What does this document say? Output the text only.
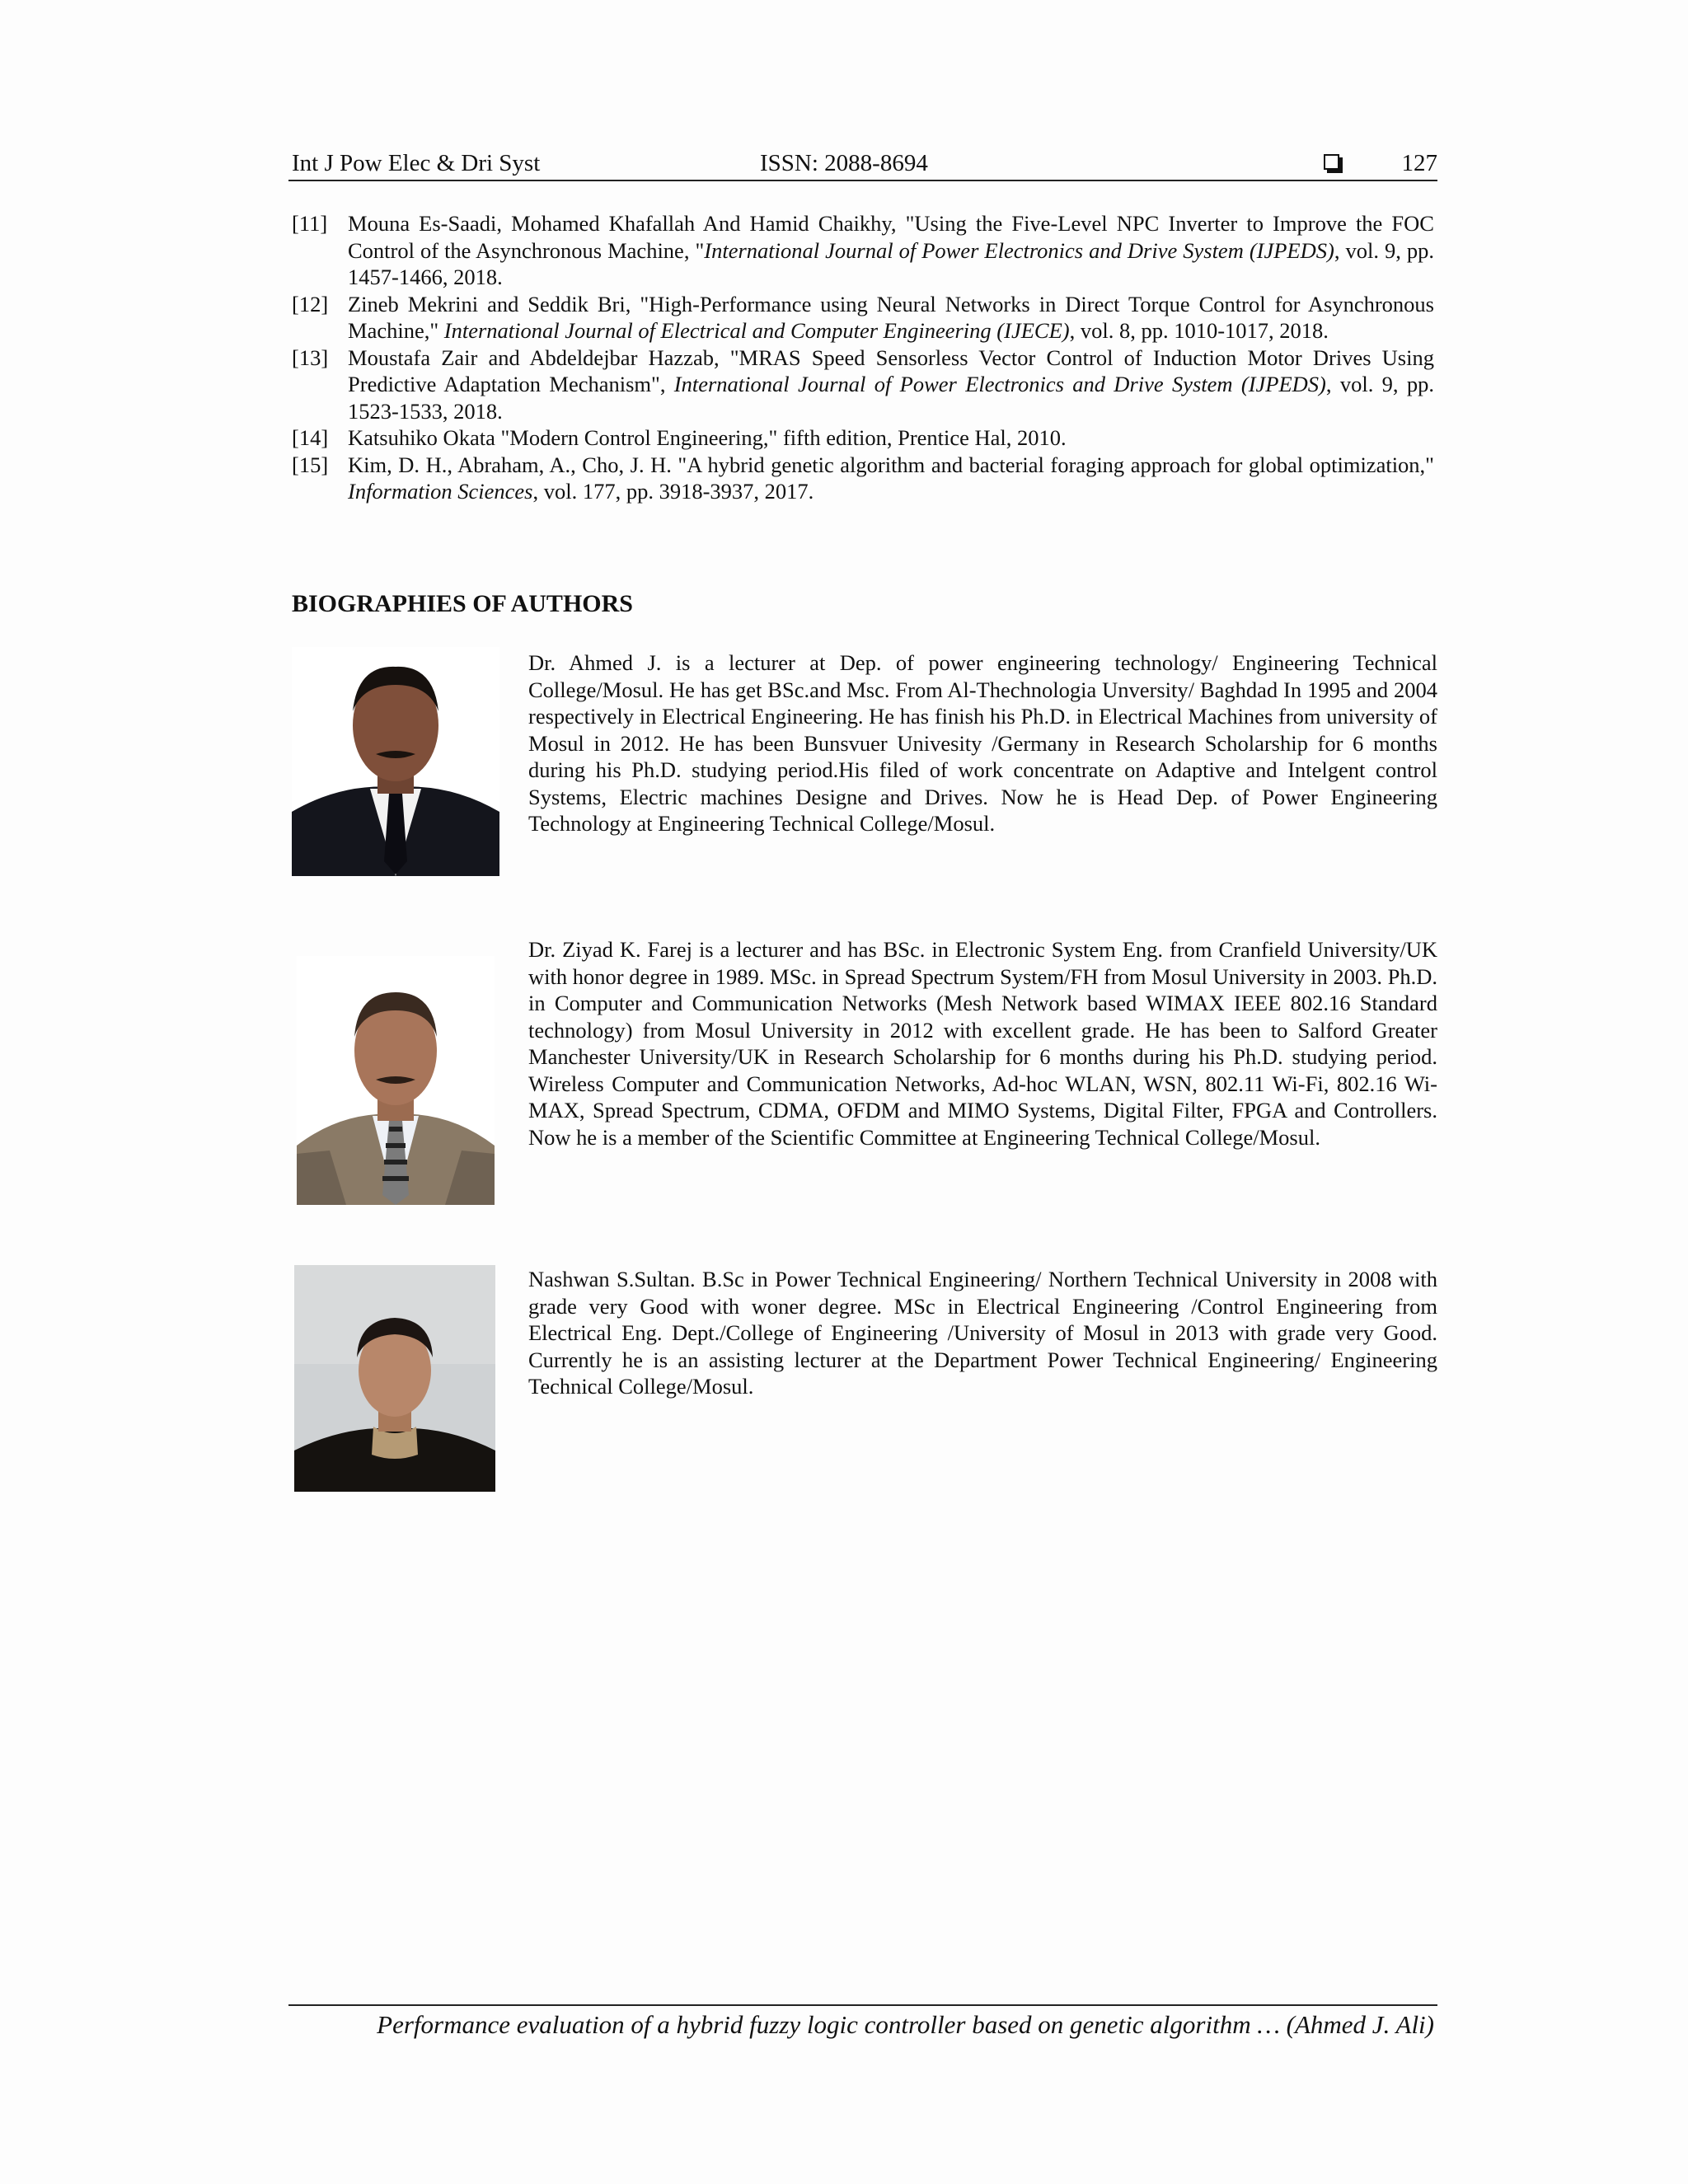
Int J Pow Elec & Dri Syst	ISSN: 2088-8694	127
[11] Mouna Es-Saadi, Mohamed Khafallah And Hamid Chaikhy, "Using the Five-Level NPC Inverter to Improve the FOC Control of the Asynchronous Machine, "International Journal of Power Electronics and Drive System (IJPEDS), vol. 9, pp. 1457-1466, 2018.
[12] Zineb Mekrini and Seddik Bri, "High-Performance using Neural Networks in Direct Torque Control for Asynchronous Machine," International Journal of Electrical and Computer Engineering (IJECE), vol. 8, pp. 1010-1017, 2018.
[13] Moustafa Zair and Abdeldejbar Hazzab, "MRAS Speed Sensorless Vector Control of Induction Motor Drives Using Predictive Adaptation Mechanism", International Journal of Power Electronics and Drive System (IJPEDS), vol. 9, pp. 1523-1533, 2018.
[14] Katsuhiko Okata "Modern Control Engineering," fifth edition, Prentice Hal, 2010.
[15] Kim, D. H., Abraham, A., Cho, J. H. "A hybrid genetic algorithm and bacterial foraging approach for global optimization," Information Sciences, vol. 177, pp. 3918-3937, 2017.
BIOGRAPHIES OF AUTHORS
Dr. Ahmed J. is a lecturer at Dep. of power engineering technology/ Engineering Technical College/Mosul. He has get BSc.and Msc. From Al-Thechnologia Unversity/ Baghdad In 1995 and 2004 respectively in Electrical Engineering. He has finish his Ph.D. in Electrical Machines from university of Mosul in 2012. He has been Bunsvuer Univesity /Germany in Research Scholarship for 6 months during his Ph.D. studying period.His filed of work concentrate on Adaptive and Intelgent control Systems, Electric machines Designe and Drives. Now he is Head Dep. of Power Engineering Technology at Engineering Technical College/Mosul.
Dr. Ziyad K. Farej is a lecturer and has BSc. in Electronic System Eng. from Cranfield University/UK with honor degree in 1989. MSc. in Spread Spectrum System/FH from Mosul University in 2003. Ph.D. in Computer and Communication Networks (Mesh Network based WIMAX IEEE 802.16 Standard technology) from Mosul University in 2012 with excellent grade. He has been to Salford Greater Manchester University/UK in Research Scholarship for 6 months during his Ph.D. studying period. Wireless Computer and Communication Networks, Ad-hoc WLAN, WSN, 802.11 Wi-Fi, 802.16 Wi-MAX, Spread Spectrum, CDMA, OFDM and MIMO Systems, Digital Filter, FPGA and Controllers. Now he is a member of the Scientific Committee at Engineering Technical College/Mosul.
Nashwan S.Sultan. B.Sc in Power Technical Engineering/ Northern Technical University in 2008 with grade very Good with woner degree. MSc in Electrical Engineering /Control Engineering from Electrical Eng. Dept./College of Engineering /University of Mosul in 2013 with grade very Good. Currently he is an assisting lecturer at the Department Power Technical Engineering/ Engineering Technical College/Mosul.
Performance evaluation of a hybrid fuzzy logic controller based on genetic algorithm … (Ahmed J. Ali)
